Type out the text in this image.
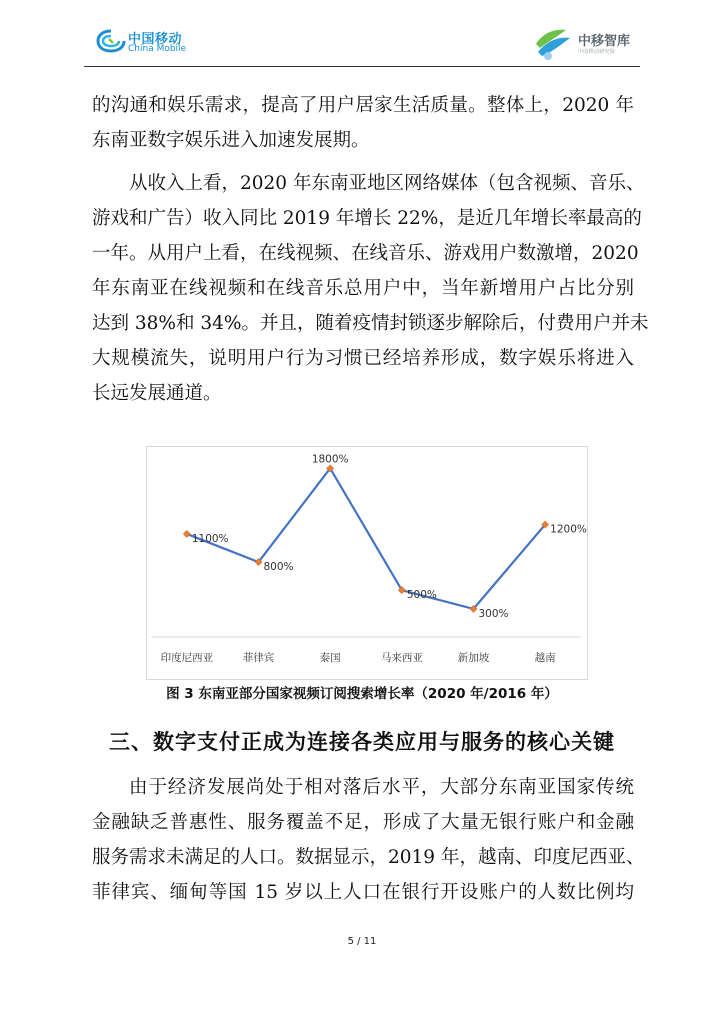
中国移动
China Mobile	中移智库
中国移动研究院

的沟通和娱乐需求，提高了用户居家生活质量。整体上，2020 年
东南亚数字娱乐进入加速发展期。

从收入上看，2020 年东南亚地区网络媒体（包含视频、音乐、
游戏和广告）收入同比 2019 年增长 22%，是近几年增长率最高的
一年。从用户上看，在线视频、在线音乐、游戏用户数激增，2020
年东南亚在线视频和在线音乐总用户中，当年新增用户占比分别
达到 38%和 34%。并且，随着疫情封锁逐步解除后，付费用户并未
大规模流失，说明用户行为习惯已经培养形成，数字娱乐将进入
长远发展通道。

1100%
印度尼西亚
800%
菲律宾
1800%
泰国
500%
马来西亚
300%
新加坡
1200%
越南
图 3 东南亚部分国家视频订阅搜索增长率（2020 年/2016 年）
三、数字支付正成为连接各类应用与服务的核心关键

由于经济发展尚处于相对落后水平，大部分东南亚国家传统
金融缺乏普惠性、服务覆盖不足，形成了大量无银行账户和金融
服务需求未满足的人口。数据显示，2019 年，越南、印度尼西亚、
菲律宾、缅甸等国 15 岁以上人口在银行开设账户的人数比例均

5 / 11
